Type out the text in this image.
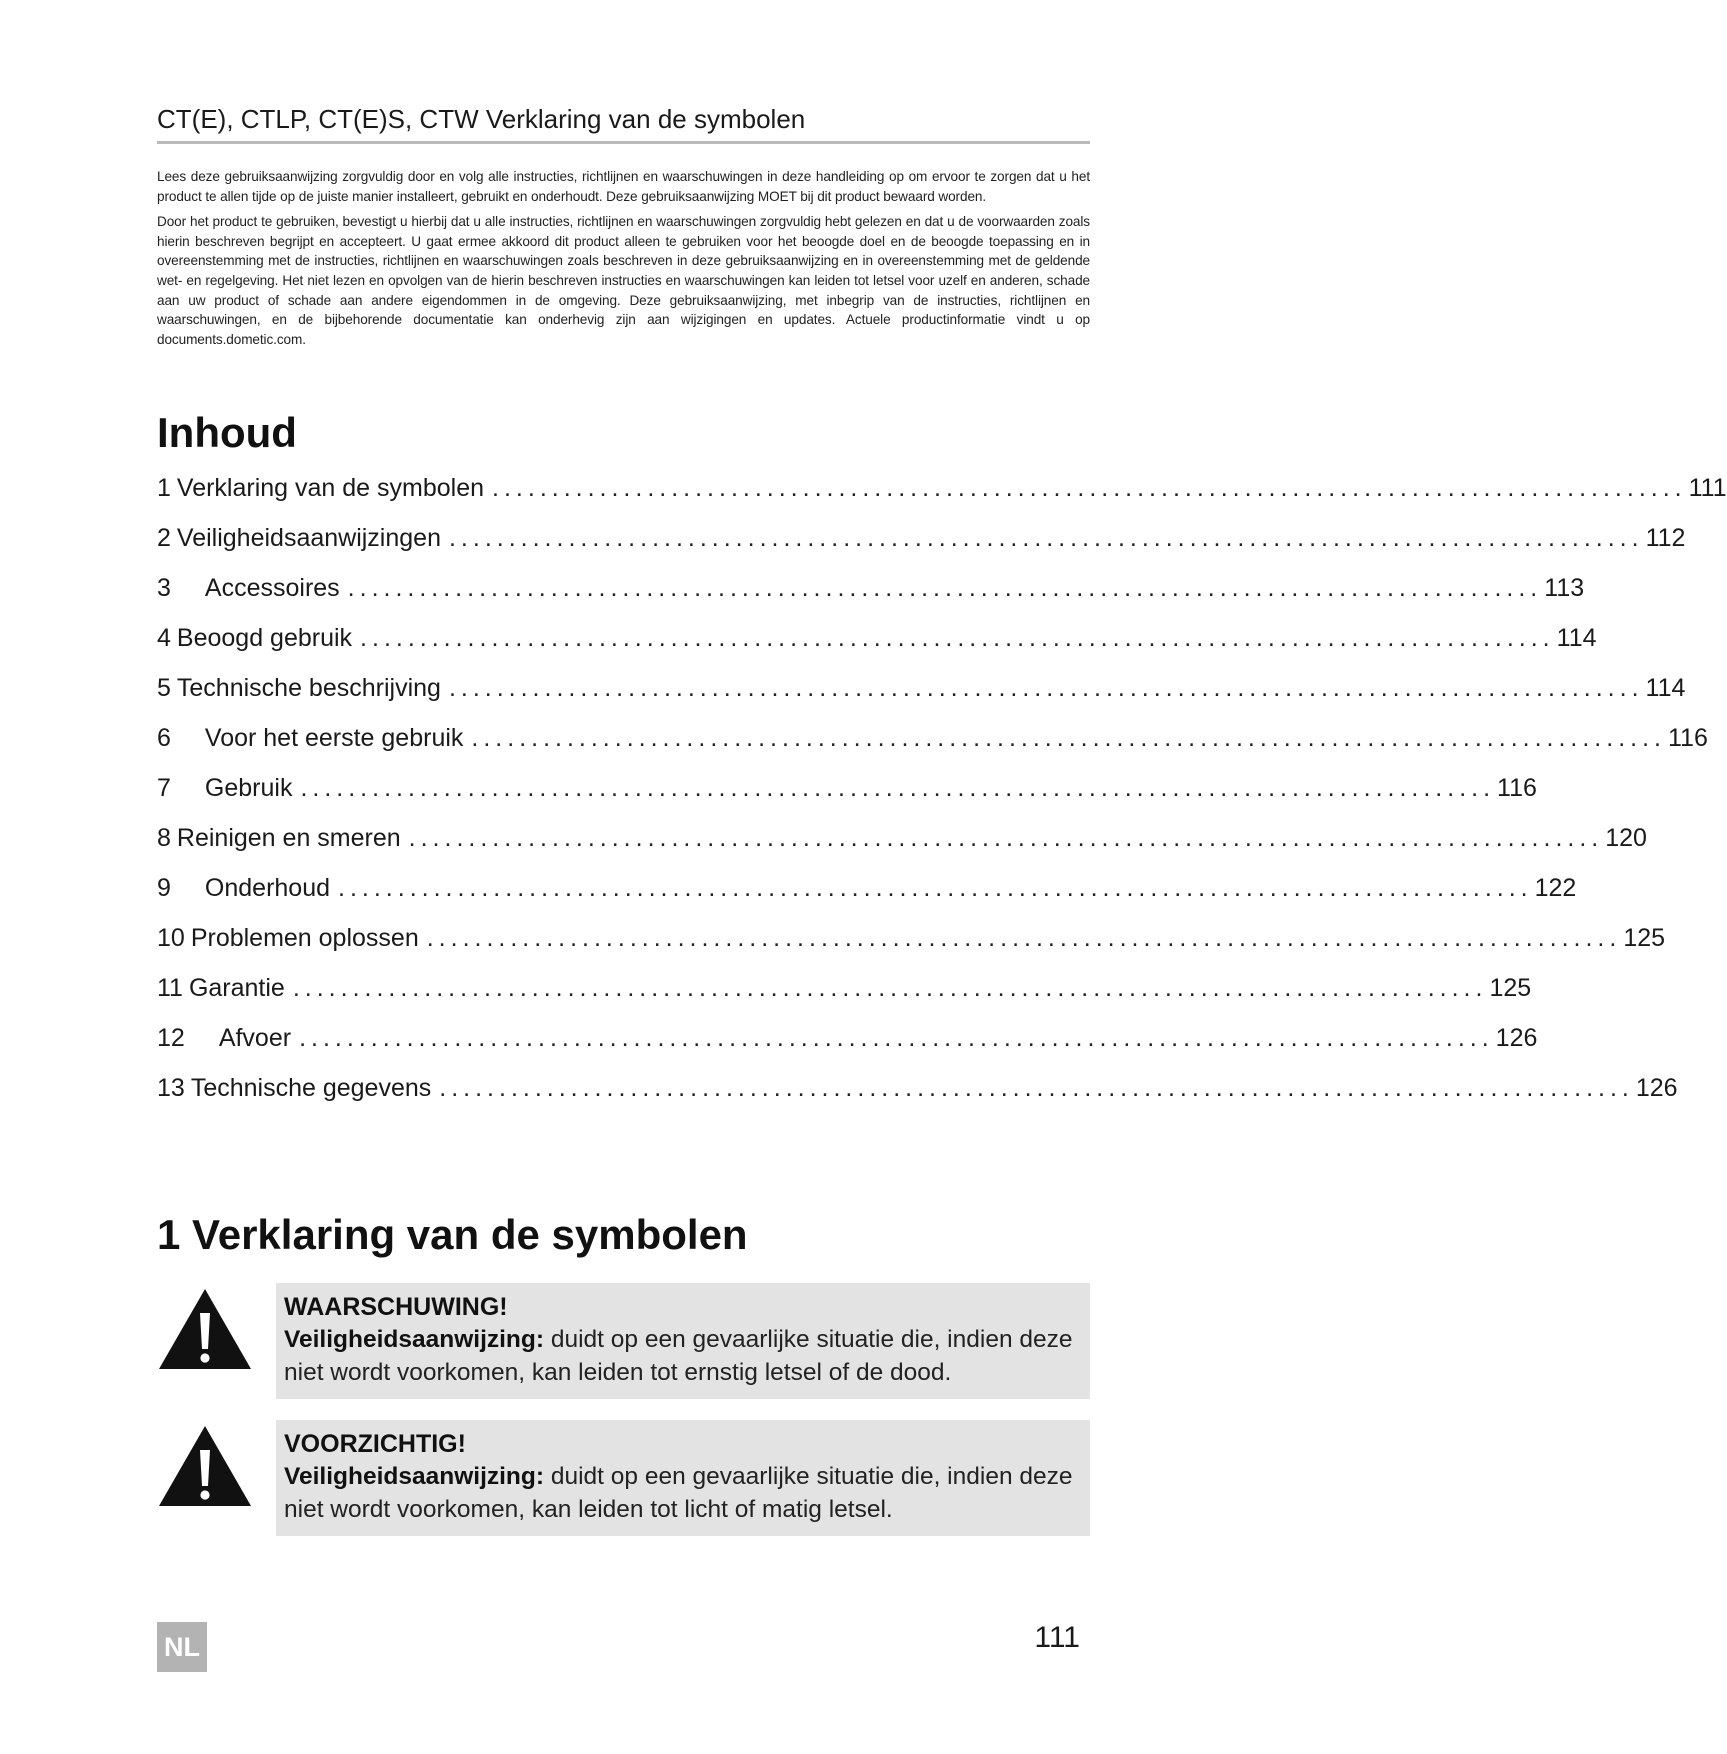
CT(E), CTLP, CT(E)S, CTW Verklaring van de symbolen

Lees deze gebruiksaanwijzing zorgvuldig door en volg alle instructies, richtlijnen en waarschuwingen in deze handleiding op om ervoor te zorgen dat u het product te allen tijde op de juiste manier installeert, gebruikt en onderhoudt. Deze gebruiksaanwijzing MOET bij dit product bewaard worden.

Door het product te gebruiken, bevestigt u hierbij dat u alle instructies, richtlijnen en waarschuwingen zorgvuldig hebt gelezen en dat u de voorwaarden zoals hierin beschreven begrijpt en accepteert. U gaat ermee akkoord dit product alleen te gebruiken voor het beoogde doel en de beoogde toepassing en in overeenstemming met de instructies, richtlijnen en waarschuwingen zoals beschreven in deze gebruiksaanwijzing en in overeenstemming met de geldende wet- en regelgeving. Het niet lezen en opvolgen van de hierin beschreven instructies en waarschuwingen kan leiden tot letsel voor uzelf en anderen, schade aan uw product of schade aan andere eigendommen in de omgeving. Deze gebruiksaanwijzing, met inbegrip van de instructies, richtlijnen en waarschuwingen, en de bijbehorende documentatie kan onderhevig zijn aan wijzigingen en updates. Actuele productinformatie vindt u op documents.dometic.com.

Inhoud
1 Verklaring van de symbolen .................................................................................................... 111
2 Veiligheidsaanwijzingen .................................................................................................... 112
3	Accessoires .................................................................................................... 113
4 Beoogd gebruik .................................................................................................... 114
5 Technische beschrijving .................................................................................................... 114
6	Voor het eerste gebruik .................................................................................................... 116
7	Gebruik .................................................................................................... 116
8 Reinigen en smeren .................................................................................................... 120
9	Onderhoud .................................................................................................... 122
10 Problemen oplossen .................................................................................................... 125
11 Garantie .................................................................................................... 125
12	Afvoer .................................................................................................... 126
13 Technische gegevens .................................................................................................... 126
1 Verklaring van de symbolen
WAARSCHUWING!
Veiligheidsaanwijzing: duidt op een gevaarlijke situatie die, indien deze niet wordt voorkomen, kan leiden tot ernstig letsel of de dood.
VOORZICHTIG!
Veiligheidsaanwijzing: duidt op een gevaarlijke situatie die, indien deze niet wordt voorkomen, kan leiden tot licht of matig letsel.
NL	111
